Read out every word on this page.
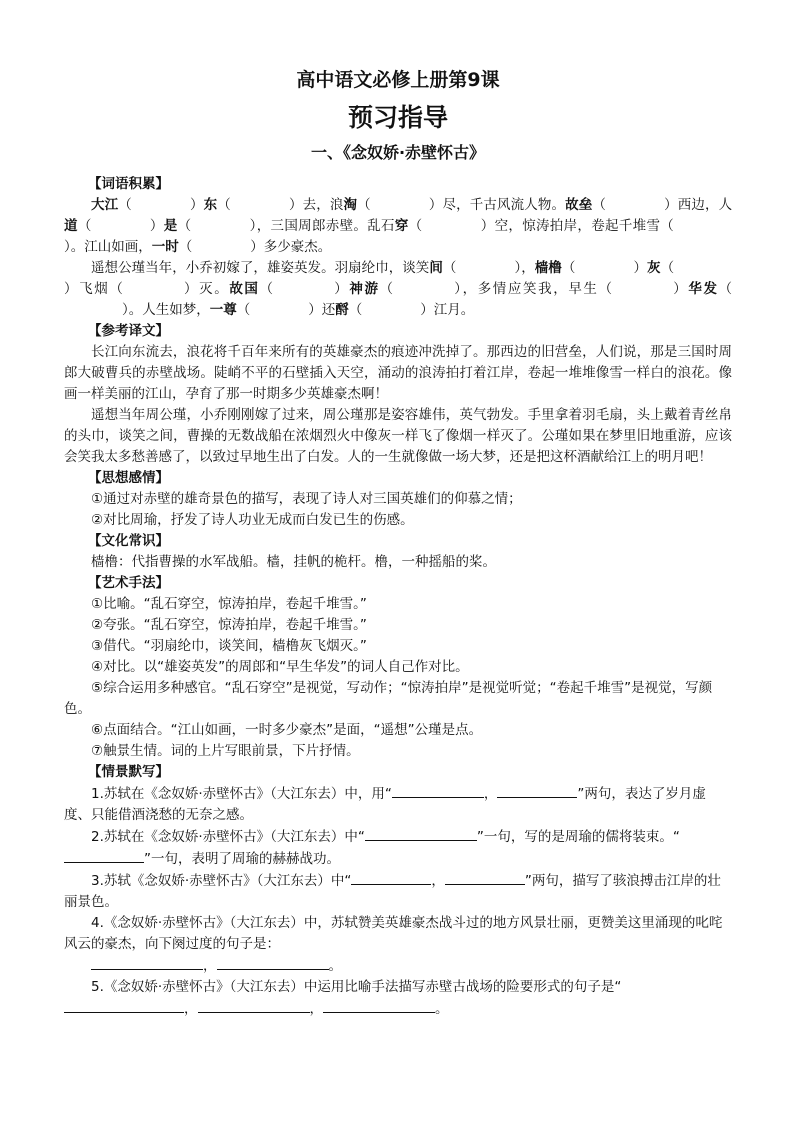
高中语文必修上册第9课
预习指导
一、《念奴娇·赤壁怀古》
【词语积累】

大江（	）东（	）去，浪淘（	）尽，千古风流人物。故垒（	）西边，人道（	）是（	），三国周郎赤壁。乱石穿（	）空，惊涛拍岸，卷起千堆雪（）。江山如画，一时（	）多少豪杰。

遥想公瑾当年，小乔初嫁了，雄姿英发。羽扇纶巾，谈笑间（	），樯橹（	）灰（）飞烟（	）灭。故国（	）神游（	），多情应笑我，早生（	）华发（）。人生如梦，一尊（	）还酹（	）江月。

【参考译文】

长江向东流去，浪花将千百年来所有的英雄豪杰的痕迹冲洗掉了。那西边的旧营垒，人们说，那是三国时周郎大破曹兵的赤壁战场。陡峭不平的石壁插入天空，涌动的浪涛拍打着江岸，卷起一堆堆像雪一样白的浪花。像画一样美丽的江山，孕育了那一时期多少英雄豪杰啊！

遥想当年周公瑾，小乔刚刚嫁了过来，周公瑾那是姿容雄伟，英气勃发。手里拿着羽毛扇，头上戴着青丝帛的头巾，谈笑之间，曹操的无数战船在浓烟烈火中像灰一样飞了像烟一样灭了。公瑾如果在梦里旧地重游，应该会笑我太多愁善感了，以致过早地生出了白发。人的一生就像做一场大梦，还是把这杯酒献给江上的明月吧！

【思想感情】

①通过对赤壁的雄奇景色的描写，表现了诗人对三国英雄们的仰慕之情；

②对比周瑜，抒发了诗人功业无成而白发已生的伤感。

【文化常识】

樯橹：代指曹操的水军战船。樯，挂帆的桅杆。橹，一种摇船的桨。

【艺术手法】

①比喻。“乱石穿空，惊涛拍岸，卷起千堆雪。”

②夸张。“乱石穿空，惊涛拍岸，卷起千堆雪。”

③借代。“羽扇纶巾，谈笑间，樯橹灰飞烟灭。”

④对比。以“雄姿英发”的周郎和“早生华发”的词人自己作对比。

⑤综合运用多种感官。“乱石穿空”是视觉，写动作；“惊涛拍岸”是视觉听觉；“卷起千堆雪”是视觉，写颜色。

⑥点面结合。“江山如画，一时多少豪杰”是面，“遥想”公瑾是点。

⑦触景生情。词的上片写眼前景，下片抒情。

【情景默写】

1.苏轼在《念奴娇·赤壁怀古》（大江东去）中，用“	，	”两句，表达了岁月虚度、只能借酒浇愁的无奈之感。

2.苏轼在《念奴娇·赤壁怀古》（大江东去）中“	”一句，写的是周瑜的儒将装束。“”一句，表明了周瑜的赫赫战功。

3.苏轼《念奴娇·赤壁怀古》（大江东去）中“	，	”两句，描写了骇浪搏击江岸的壮丽景色。

4.《念奴娇·赤壁怀古》（大江东去）中，苏轼赞美英雄豪杰战斗过的地方风景壮丽，更赞美这里涌现的叱咤风云的豪杰，向下阕过度的句子是：

，	。

5.《念奴娇·赤壁怀古》（大江东去）中运用比喻手法描写赤壁古战场的险要形式的句子是“，	，	。
